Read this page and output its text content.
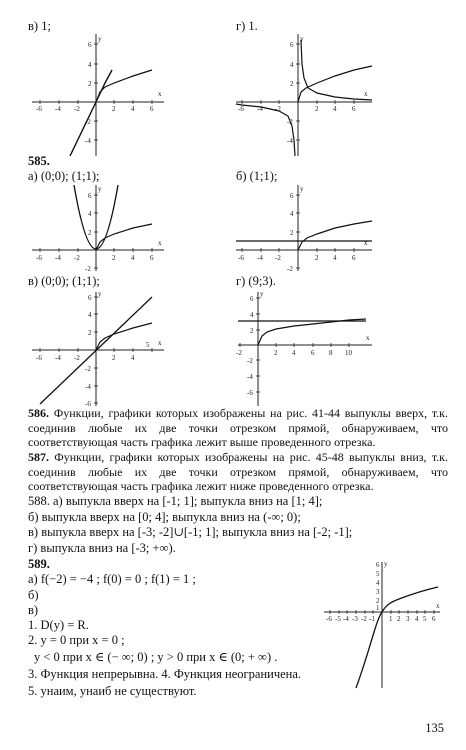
в) 1;	г) 1.
-6 -4 -2	2 4 6
6
4
2
-2
-4
y
x
-6 -4 -2	2 4 6
6
4
2
-2
-4
y
x
585.
а) (0;0); (1;1);	б) (1;1);
-6 -4 -2	2 4 6
6
4
2
-2
y
x
-6 -4 -2	2 4 6
6
4
2
-2
y
x
в) (0;0); (1;1);	г) (9;3).
-6 -4 -2	2 4
5
6
4
2
-2
-4
-6
y
x
-2	2 4 6 8 10
6
4
2
-2
-4
-6
y
x
586. Функции, графики которых изображены на рис. 41-44 выпуклы вверх, т.к. соединив любые их две точки отрезком прямой, обнаруживаем, что соответствующая часть графика лежит выше проведенного отрезка.
587. Функции, графики которых изображены на рис. 45-48 выпуклы вниз, т.к. соединив любые их две точки отрезком прямой, обнаруживаем, что соответствующая часть графика лежит ниже проведенного отрезка.
588. а) выпукла вверх на [-1; 1]; выпукла вниз на [1; 4];
б) выпукла вверх на [0; 4]; выпукла вниз на (-∞; 0);
в) выпукла вверх на [-3; -2]∪[-1; 1]; выпукла вниз на [-2; -1];
г) выпукла вниз на [-3; +∞).
589.
а) f(−2) = −4 ; f(0) = 0 ; f(1) = 1 ;
б)
в)
1. D(y) = R.
2. y = 0 при x = 0 ;
y < 0 при x ∈ (− ∞; 0) ; y > 0 при x ∈ (0; + ∞) .
3. Функция непрерывна. 4. Функция неограничена.
5. yнаим, yнаиб не существуют.
-6 -5 -4 -3 -2 -1 1 2 3 4 5 6
6
5
4
3
2
1
y
x
135
